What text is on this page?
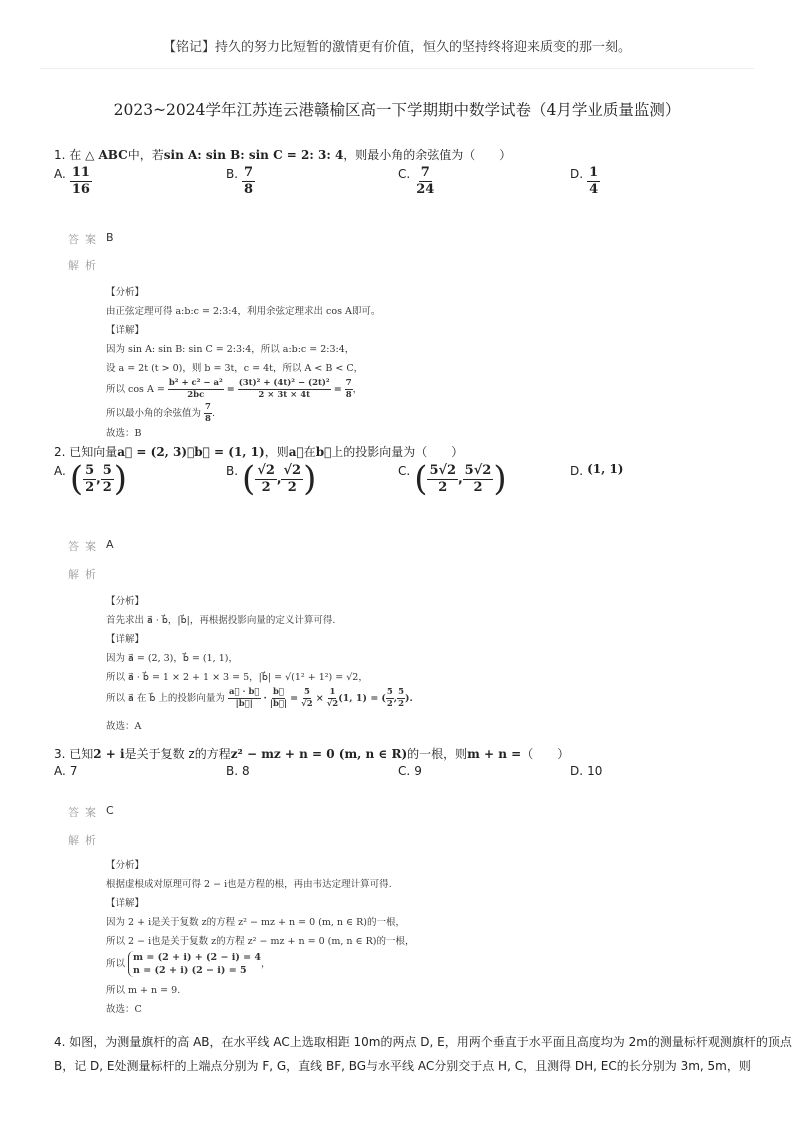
【铭记】持久的努力比短暂的激情更有价值，恒久的坚持终将迎来质变的那一刻。
2023~2024学年江苏连云港赣榆区高一下学期期中数学试卷（4月学业质量监测）
1. 在 △ ABC中，若sin A: sin B: sin C = 2: 3: 4，则最小角的余弦值为（　　）
A. $\frac{11}{16}$	B. $\frac{7}{8}$	C. $\frac{7}{24}$	D. $\frac{1}{4}$
答案 B
解析
【分析】
由正弦定理可得 a:b:c = 2:3:4，利用余弦定理求出 cos A即可。
【详解】
因为 sin A: sin B: sin C = 2:3:4，所以 a:b:c = 2:3:4，
设 a = 2t (t > 0)，则 b = 3t，c = 4t，所以 A < B < C，
所以 $\cos A = \frac{\text{b² + c² − a²}}{2bc} = \frac{\text{(3t)² + (4t)² − (2t)²}}{2 \times 3t \times 4t} = \frac{7}{8}$ ，
所以最小角的余弦值为 $\frac{7}{8}$ .
故选：B
2. 已知向量a⃗ = (2, 3)，b⃗ = (1, 1)，则a⃗在b⃗上的投影向量为（　　）
A. ( $\frac{5}{2}$ , $\frac{5}{2}$ )	B. ( $\frac{√2}{2}$ , $\frac{√2}{2}$ )	C. ( $\frac{5√2}{2}$ , $\frac{5√2}{2}$ )	D. (1, 1)
答案 A
解析
【分析】
首先求出 a⃗ · b⃗，|b⃗|，再根据投影向量的定义计算可得.
【详解】
因为 a⃗ = (2, 3)，b⃗ = (1, 1)，
所以 a⃗ · b⃗ = 1 × 2 + 1 × 3 = 5，|b⃗| = √(1² + 1²) = √2，
所以 a⃗ 在 b⃗ 上的投影向量为 $\frac{a⃗ \cdot b⃗}{|b⃗|} \cdot \frac{b⃗}{|b⃗|} = \frac{5}{√2} \times \frac{1}{√2} (1$, 1) = ( $\frac{5}{2}$ , $\frac{5}{2}$ ).
故选：A
3. 已知2 + i是关于复数 z的方程z² − mz + n = 0 (m, n ∈ R)的一根，则m + n =（　　）
A. 7	B. 8	C. 9	D. 10
答案 C
解析
【分析】
根据虚根成对原理可得 2 − i也是方程的根，再由韦达定理计算可得.
【详解】
因为 2 + i是关于复数 z的方程 z² − mz + n = 0 (m, n ∈ R)的一根，
所以 2 − i也是关于复数 z的方程 z² − mz + n = 0 (m, n ∈ R)的一根，
所以
m = (2 + i) + (2 − i) = 4
n = (2 + i) (2 − i) = 5
，
所以 m + n = 9.
故选：C
4. 如图，为测量旗杆的高 AB，在水平线 AC上选取相距 10m的两点 D, E，用两个垂直于水平面且高度均为 2m的测量标杆观测旗杆的顶点
B，记 D, E处测量标杆的上端点分别为 F, G，直线 BF, BG与水平线 AC分别交于点 H, C，且测得 DH, EC的长分别为 3m, 5m，则
